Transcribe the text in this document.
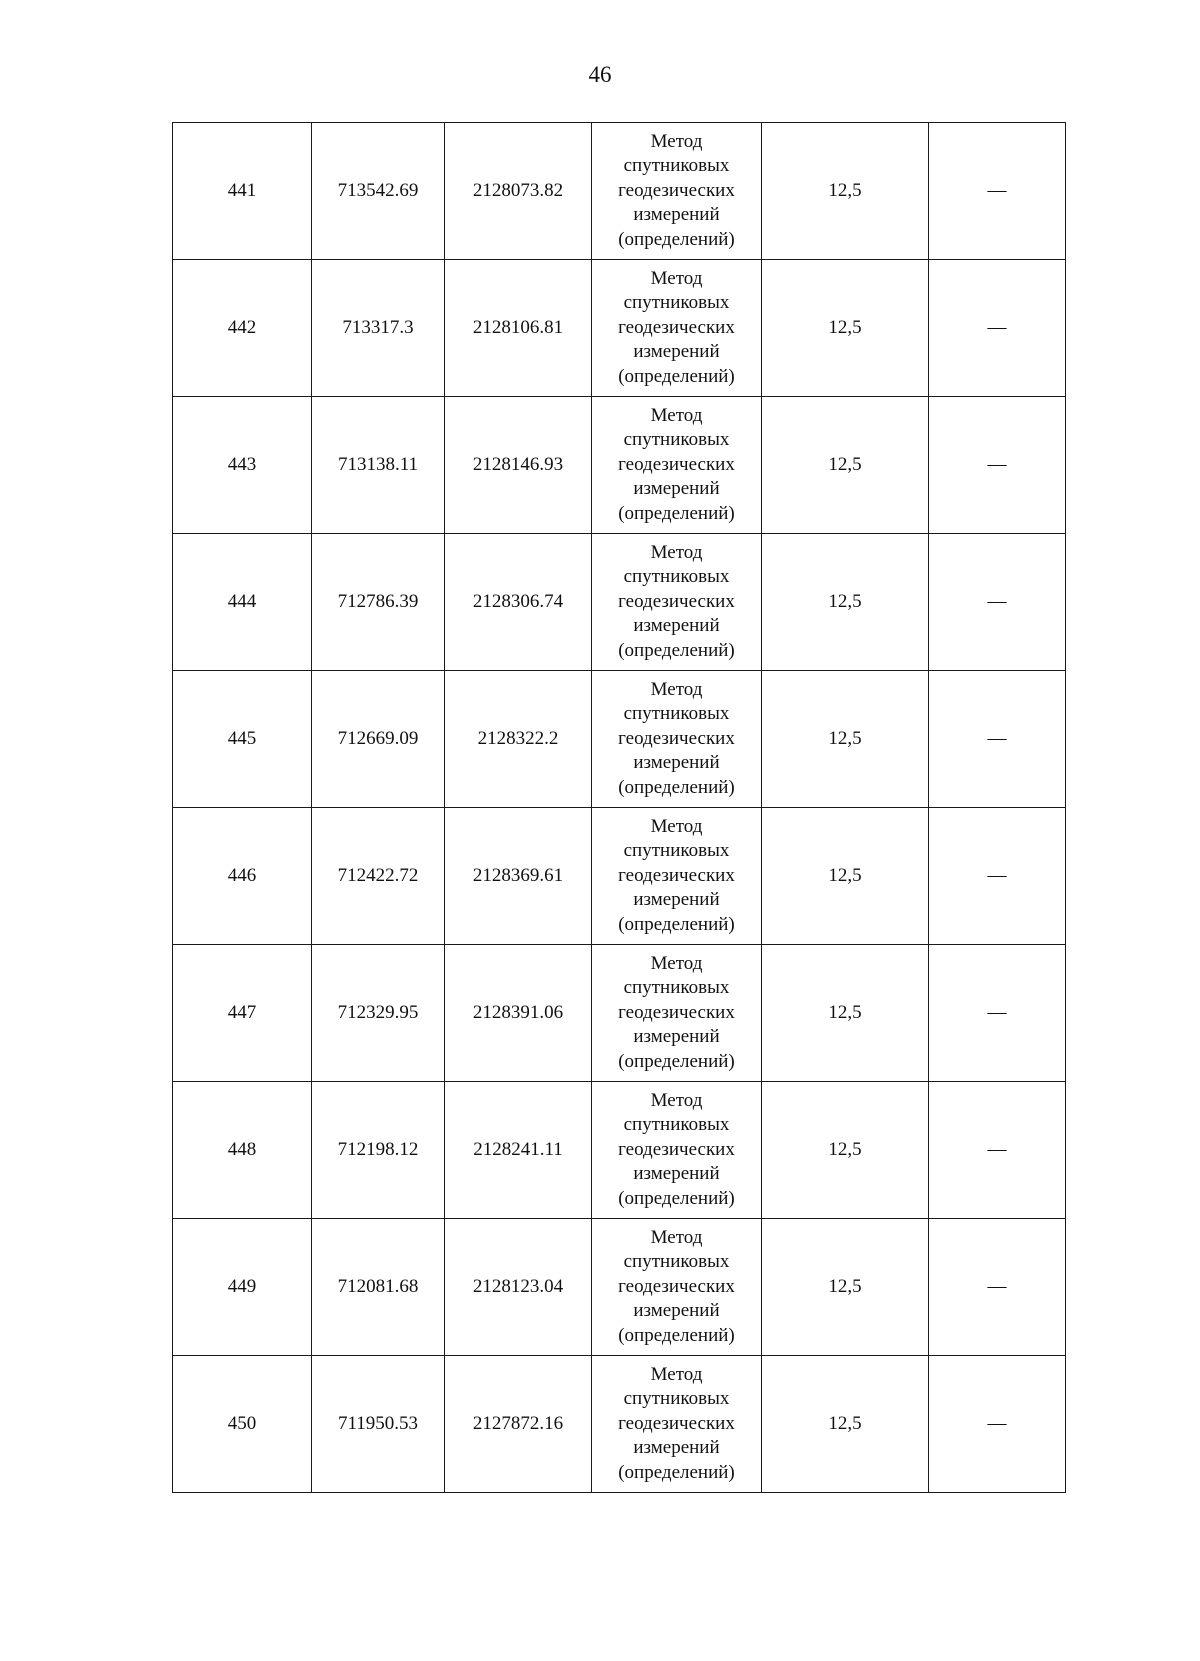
46
441	713542.69	2128073.82	Метод
спутниковых
геодезических
измерений
(определений)	12,5	—
442	713317.3	2128106.81	Метод
спутниковых
геодезических
измерений
(определений)	12,5	—
443	713138.11	2128146.93	Метод
спутниковых
геодезических
измерений
(определений)	12,5	—
444	712786.39	2128306.74	Метод
спутниковых
геодезических
измерений
(определений)	12,5	—
445	712669.09	2128322.2	Метод
спутниковых
геодезических
измерений
(определений)	12,5	—
446	712422.72	2128369.61	Метод
спутниковых
геодезических
измерений
(определений)	12,5	—
447	712329.95	2128391.06	Метод
спутниковых
геодезических
измерений
(определений)	12,5	—
448	712198.12	2128241.11	Метод
спутниковых
геодезических
измерений
(определений)	12,5	—
449	712081.68	2128123.04	Метод
спутниковых
геодезических
измерений
(определений)	12,5	—
450	711950.53	2127872.16	Метод
спутниковых
геодезических
измерений
(определений)	12,5	—
